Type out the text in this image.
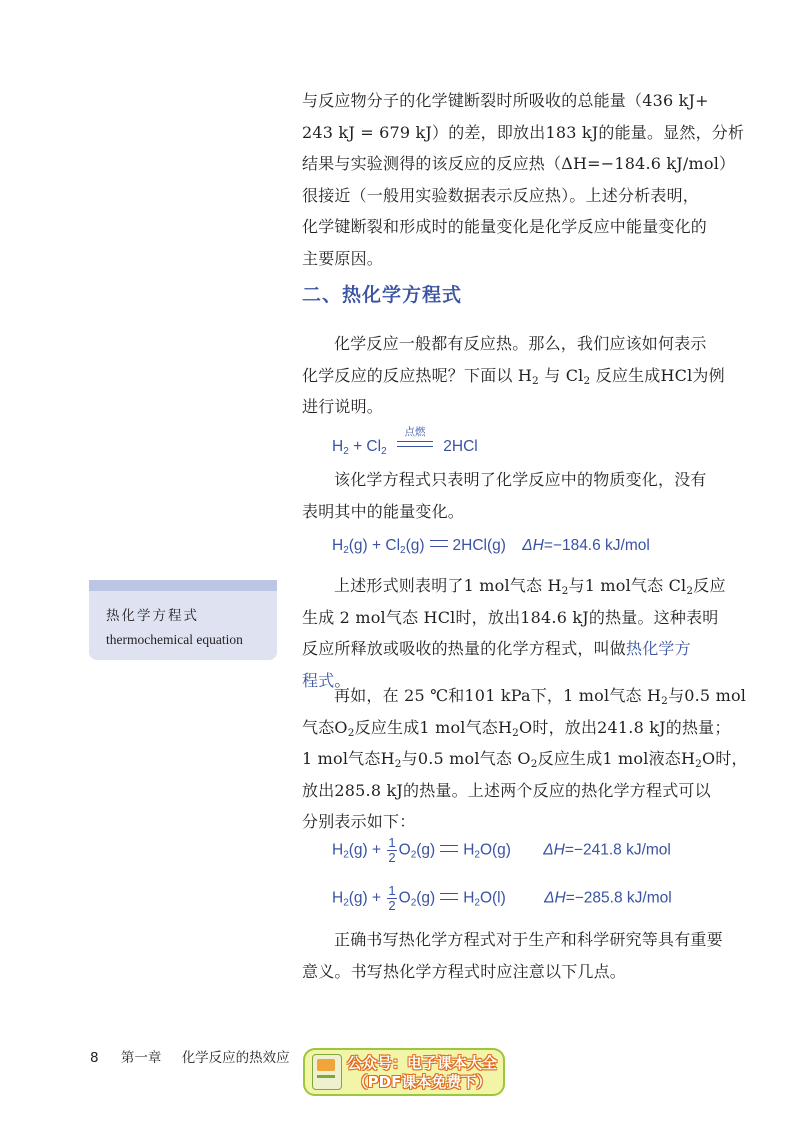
与反应物分子的化学键断裂时所吸收的总能量（436 kJ+
243 kJ = 679 kJ）的差，即放出183 kJ的能量。显然，分析
结果与实验测得的该反应的反应热（ΔH=−184.6 kJ/mol）
很接近（一般用实验数据表示反应热）。上述分析表明，
化学键断裂和形成时的能量变化是化学反应中能量变化的
主要原因。
二、热化学方程式
化学反应一般都有反应热。那么，我们应该如何表示
化学反应的反应热呢？下面以 $H_2$ 与 $Cl_2$ 反应生成HCl为例
进行说明。
$H_2 + Cl_2$
点燃
2HCl
该化学方程式只表明了化学反应中的物质变化，没有
表明其中的能量变化。
$H_2(g) + Cl_2(g)$ 2HCl(g) ΔH=−184.6 kJ/mol
热化学方程式
thermochemical equation
上述形式则表明了1 mol气态 $H_2$与1 mol气态 $Cl_2$反应
生成 2 mol气态 HCl时，放出184.6 kJ的热量。这种表明
反应所释放或吸收的热量的化学方程式，叫做热化学方
程式。
再如，在 25 ℃和101 kPa下，1 mol气态 $H_2$与0.5 mol
气态$O_2$反应生成1 mol气态$H_2O$时，放出241.8 kJ的热量；
1 mol气态$H_2$与0.5 mol气态 $O_2$反应生成1 mol液态$H_2O$时，
放出285.8 kJ的热量。上述两个反应的热化学方程式可以
分别表示如下：
$H_2(g) + \frac{1}{2} O_2(g)$ $H_2O(g)$ ΔH=−241.8 kJ/mol
$H_2(g) + \frac{1}{2} O_2(g)$ $H_2O(l)$ ΔH=−285.8 kJ/mol
正确书写热化学方程式对于生产和科学研究等具有重要
意义。书写热化学方程式时应注意以下几点。
8 第一章 化学反应的热效应	公众号：电子课本大全
（PDF课本免费下）
